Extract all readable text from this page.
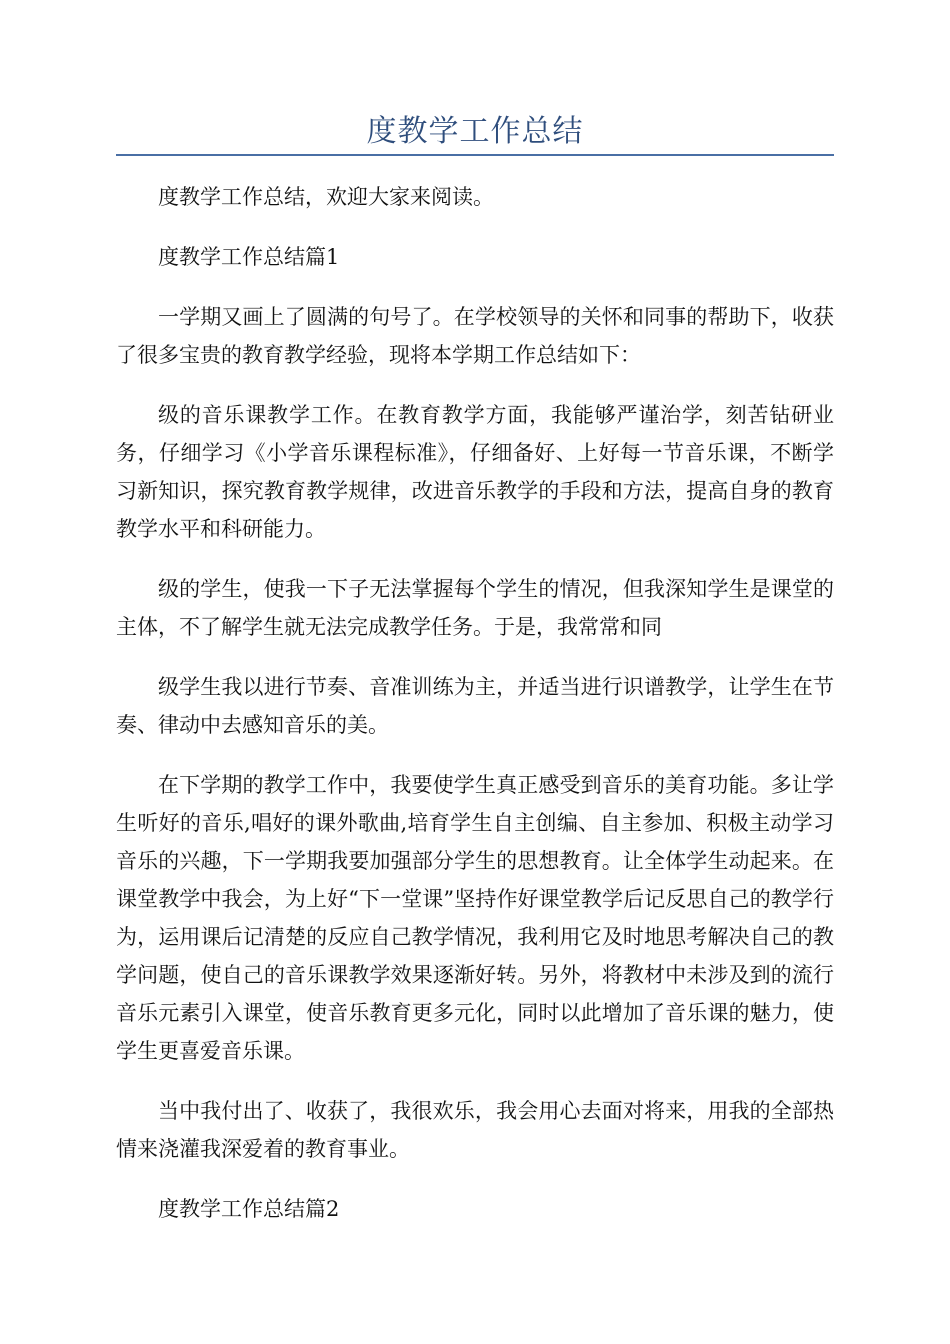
度教学工作总结

度教学工作总结，欢迎大家来阅读。

度教学工作总结篇1

一学期又画上了圆满的句号了。在学校领导的关怀和同事的帮助下，收获了很多宝贵的教育教学经验，现将本学期工作总结如下：

级的音乐课教学工作。在教育教学方面，我能够严谨治学，刻苦钻研业务，仔细学习《小学音乐课程标准》，仔细备好、上好每一节音乐课，不断学习新知识，探究教育教学规律，改进音乐教学的手段和方法，提高自身的教育教学水平和科研能力。

级的学生，使我一下子无法掌握每个学生的情况，但我深知学生是课堂的主体，不了解学生就无法完成教学任务。于是，我常常和同

级学生我以进行节奏、音准训练为主，并适当进行识谱教学，让学生在节奏、律动中去感知音乐的美。

在下学期的教学工作中，我要使学生真正感受到音乐的美育功能。多让学生听好的音乐,唱好的课外歌曲,培育学生自主创编、自主参加、积极主动学习音乐的兴趣，下一学期我要加强部分学生的思想教育。让全体学生动起来。在课堂教学中我会，为上好“下一堂课”坚持作好课堂教学后记反思自己的教学行为，运用课后记清楚的反应自己教学情况，我利用它及时地思考解决自己的教学问题，使自己的音乐课教学效果逐渐好转。另外，将教材中未涉及到的流行音乐元素引入课堂，使音乐教育更多元化，同时以此增加了音乐课的魅力，使学生更喜爱音乐课。

当中我付出了、收获了，我很欢乐，我会用心去面对将来，用我的全部热情来浇灌我深爱着的教育事业。

度教学工作总结篇2
